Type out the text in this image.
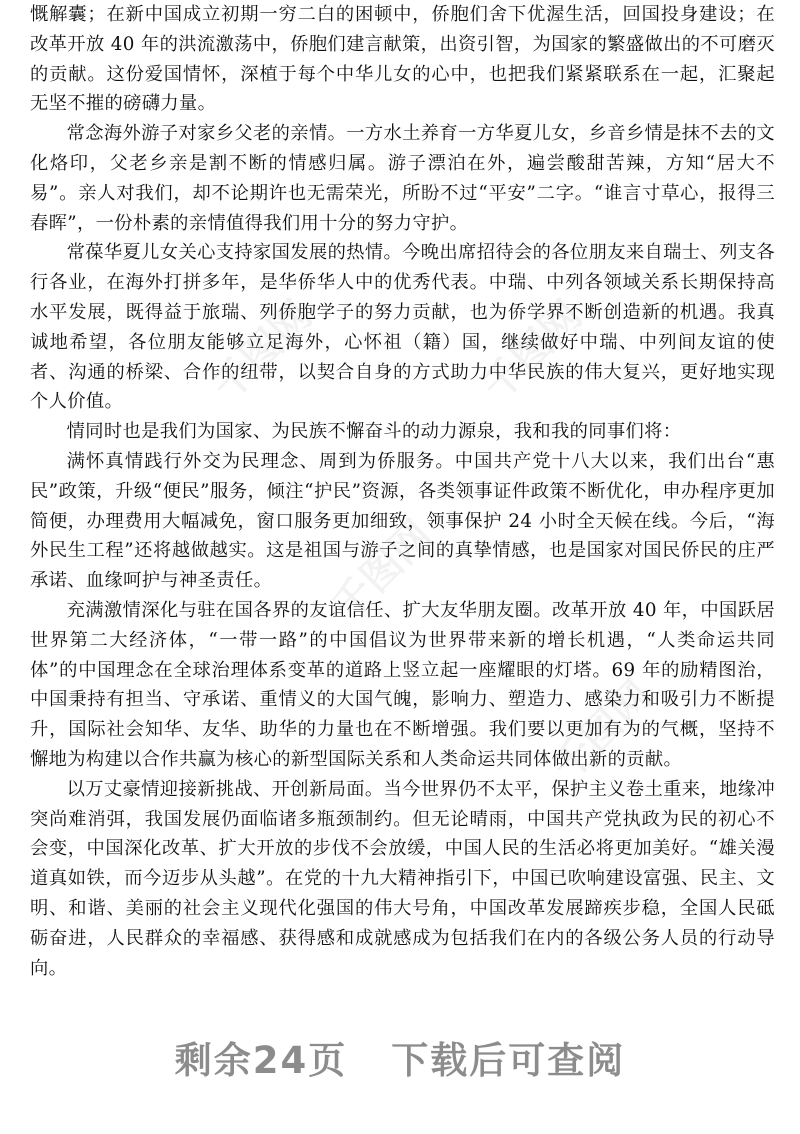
千图网	千图网
千图网
千图网

慨解囊；在新中国成立初期一穷二白的困顿中，侨胞们舍下优渥生活，回国投身建设；在改革开放 40 年的洪流激荡中，侨胞们建言献策，出资引智，为国家的繁盛做出的不可磨灭的贡献。这份爱国情怀，深植于每个中华儿女的心中，也把我们紧紧联系在一起，汇聚起无坚不摧的磅礴力量。

常念海外游子对家乡父老的亲情。一方水土养育一方华夏儿女，乡音乡情是抹不去的文化烙印，父老乡亲是割不断的情感归属。游子漂泊在外，遍尝酸甜苦辣，方知“居大不易”。亲人对我们，却不论期许也无需荣光，所盼不过“平安”二字。“谁言寸草心，报得三春晖”，一份朴素的亲情值得我们用十分的努力守护。

常葆华夏儿女关心支持家国发展的热情。今晚出席招待会的各位朋友来自瑞士、列支各行各业，在海外打拼多年，是华侨华人中的优秀代表。中瑞、中列各领域关系长期保持高水平发展，既得益于旅瑞、列侨胞学子的努力贡献，也为侨学界不断创造新的机遇。我真诚地希望，各位朋友能够立足海外，心怀祖（籍）国，继续做好中瑞、中列间友谊的使者、沟通的桥梁、合作的纽带，以契合自身的方式助力中华民族的伟大复兴，更好地实现个人价值。

情同时也是我们为国家、为民族不懈奋斗的动力源泉，我和我的同事们将：

满怀真情践行外交为民理念、周到为侨服务。中国共产党十八大以来，我们出台“惠民”政策，升级“便民”服务，倾注“护民”资源，各类领事证件政策不断优化，申办程序更加简便，办理费用大幅减免，窗口服务更加细致，领事保护 24 小时全天候在线。今后，“海外民生工程”还将越做越实。这是祖国与游子之间的真挚情感，也是国家对国民侨民的庄严承诺、血缘呵护与神圣责任。

充满激情深化与驻在国各界的友谊信任、扩大友华朋友圈。改革开放 40 年，中国跃居世界第二大经济体，“一带一路”的中国倡议为世界带来新的增长机遇，“人类命运共同体”的中国理念在全球治理体系变革的道路上竖立起一座耀眼的灯塔。69 年的励精图治，中国秉持有担当、守承诺、重情义的大国气魄，影响力、塑造力、感染力和吸引力不断提升，国际社会知华、友华、助华的力量也在不断增强。我们要以更加有为的气概，坚持不懈地为构建以合作共赢为核心的新型国际关系和人类命运共同体做出新的贡献。

以万丈豪情迎接新挑战、开创新局面。当今世界仍不太平，保护主义卷土重来，地缘冲突尚难消弭，我国发展仍面临诸多瓶颈制约。但无论晴雨，中国共产党执政为民的初心不会变，中国深化改革、扩大开放的步伐不会放缓，中国人民的生活必将更加美好。“雄关漫道真如铁，而今迈步从头越”。在党的十九大精神指引下，中国已吹响建设富强、民主、文明、和谐、美丽的社会主义现代化强国的伟大号角，中国改革发展蹄疾步稳，全国人民砥砺奋进，人民群众的幸福感、获得感和成就感成为包括我们在内的各级公务人员的行动导向。

剩余24页 下载后可查阅
